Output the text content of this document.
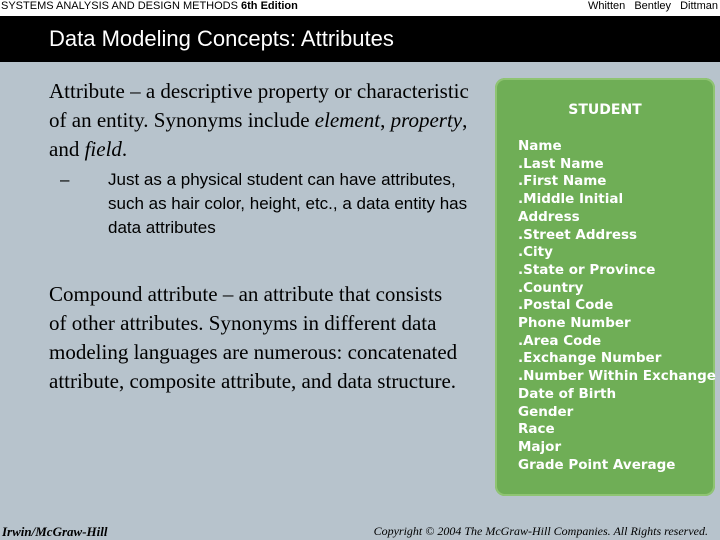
SYSTEMS ANALYSIS AND DESIGN METHODS 6th Edition	Whitten Bentley Dittman
Data Modeling Concepts: Attributes
Attribute – a descriptive property or characteristic of an entity. Synonyms include element, property, and field.
– Just as a physical student can have attributes, such as hair color, height, etc., a data entity has data attributes
Compound attribute – an attribute that consists of other attributes. Synonyms in different data modeling languages are numerous: concatenated attribute, composite attribute, and data structure.
STUDENT
Name
.Last Name
.First Name
.Middle Initial
Address
.Street Address
.City
.State or Province
.Country
.Postal Code
Phone Number
.Area Code
.Exchange Number
.Number Within Exchange
Date of Birth
Gender
Race
Major
Grade Point Average
Irwin/McGraw-Hill	Copyright © 2004 The McGraw-Hill Companies. All Rights reserved.
